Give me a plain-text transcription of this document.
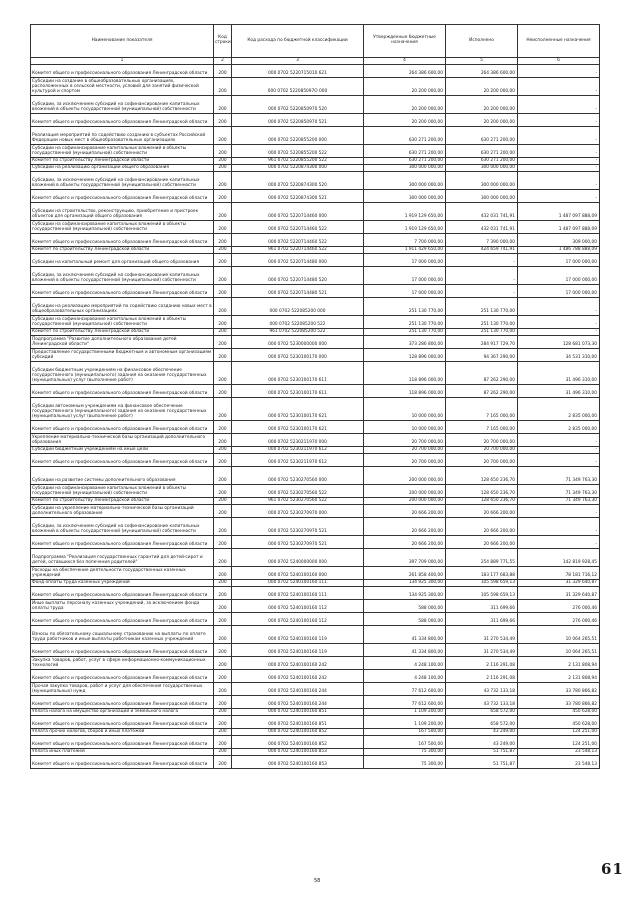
Наименование показателя	Код строки	Код расхода по бюджетной классификации	Утвержденные бюджетные назначения	Исполнено	Неисполненные назначения
1	2	3	4	5	6
Комитет общего и профессионального образования Ленинградской области	200	000 0702 5220715010 621	264 386 600,00	264 386 600,00	-
Субсидии на создание в общеобразовательных организациях, расположенных в сельской местности, условий для занятий физической культурой и спортом	200	000 0702 522085097О 000	20 200 000,00	20 200 000,00	-
Субсидии, за исключением субсидий на софинансирование капитальных вложений в объекты государственной (муниципальной) собственности	200	000 0702 5220850970 520	20 200 000,00	20 200 000,00	-
Комитет общего и профессионального образования Ленинградской области	200	000 0702 5220850970 521	20 200 000,00	20 200 000,00	-
Реализация мероприятий по содействию созданию в субъектах Российской Федерации новых мест в общеобразовательных организациях	200	000 0702 5220855200 000	630 271 200,00	630 271 200,00	-
Субсидии на софинансирование капитальных вложений в объекты государственной (муниципальной) собственности	200	000 0702 5220855200 522	630 271 200,00	630 271 200,00	-
Комитет по строительству Ленинградской области	200	961 0702 5220855200 522	630 271 200,00	630 271 200,00	-
Субсидии на реализацию организации общего образования	200	000 0702 5220874300 000	300 000 000,00	300 000 000,00	-
Субсидии, за исключением субсидий на софинансирование капитальных вложений в объекты государственной (муниципальной) собственности	200	000 0702 5220874300 520	300 000 000,00	300 000 000,00	-
Комитет общего и профессионального образования Ленинградской области	200	000 0702 5220874300 521	300 000 000,00	300 000 000,00	-
Субсидии на строительство, реконструкцию, приобретение и пристроек объектов для организаций общего образования	200	000 0702 5220714460 000	1 919 129 650,00	432 031 741,91	1 487 097 888,09
Субсидии на софинансирование капитальных вложений в объекты государственной (муниципальной) собственности	200	000 0702 5220714460 522	1 919 129 650,00	432 031 741,91	1 487 097 888,09
Комитет общего и профессионального образования Ленинградской области	200	000 0702 5220714460 522	7 700 000,00	7 390 000,00	309 000,00
Комитет по строительству Ленинградской области	200	961 0702 5220714460 522	1 911 429 650,00	424 659 741,91	1 486 788 888,09
Субсидии на капитальный ремонт для организаций общего образования	200	000 0702 5220714480 000	17 000 000,00	-	17 000 000,00
Субсидии, за исключением субсидий на софинансирование капитальных вложений в объекты государственной (муниципальной) собственности	200	000 0702 5220714480 520	17 000 000,00	-	17 000 000,00
Комитет общего и профессионального образования Ленинградской области	200	000 0702 5220714480 521	17 000 000,00	-	17 000 000,00
Субсидии на реализацию мероприятий по содействию созданию новых мест в общеобразовательных организациях	200	000 0702 522085200 000	251 130 770,00	251 130 770,00	-
Субсидии на софинансирование капитальных вложений в объекты государственной (муниципальной) собственности	200	000 0702 522085200 522	251 130 770,00	251 130 770,00	-
Комитет по строительству Ленинградской области	200	961 0702 522085200 522	251 130 770,00	251 130 770,00	-
Подпрограмма "Развитие дополнительного образования детей Ленинградской области"	200	000 0702 5230000000 000	373 286 800,00	284 917 729,70	128 681 073,30
Предоставление государственными бюджетным и автономным организациям субсидий	200	000 0702 5230100170 000	128 896 000,00	94 367 290,00	34 531 310,00
Субсидии бюджетным учреждениям на финансовое обеспечение государственного (муниципального) задания на оказание государственных (муниципальных) услуг (выполнение работ)	200	000 0702 5230100170 611	118 896 000,00	87 262 290,00	31 496 310,00
Комитет общего и профессионального образования Ленинградской области	200	000 0702 5230100170 611	118 896 000,00	87 262 290,00	31 496 310,00
Субсидии автономным учреждениям на финансовое обеспечение государственного (муниципального) задания на оказание государственных (муниципальных) услуг (выполнение работ)	200	000 0702 5230100170 621	10 000 000,00	7 165 000,00	2 835 000,00
Комитет общего и профессионального образования Ленинградской области	200	000 0702 5230100170 621	10 000 000,00	7 165 000,00	2 835 000,00
Укрепление материально-технической базы организаций дополнительного образования	200	000 0702 5230211970 000	20 700 000,00	20 700 000,00	-
Субсидии бюджетным учреждениям на иные цели	200	000 0702 5230211970 612	20 700 000,00	20 700 000,00	-
Комитет общего и профессионального образования Ленинградской области	200	000 0702 5230211970 612	20 700 000,00	20 700 000,00	-
Субсидии на развитие системы дополнительного образования	200	000 0702 5230270560 000	200 000 000,00	128 650 236,70	71 349 763,30
Субсидии на софинансирование капитальных вложений в объекты государственной (муниципальной) собственности	200	000 0702 5230270560 522	200 000 000,00	128 650 236,70	71 349 763,30
Комитет по строительству Ленинградской области	200	961 0702 5230270560 522	200 000 000,00	128 650 236,70	71 349 763,30
Субсидии на укрепление материально-технической базы организаций дополнительного образования	200	000 0702 5230270970 000	20 666 200,00	20 666 200,00	-
Субсидии, за исключением субсидий на софинансирование капитальных вложений в объекты государственной (муниципальной) собственности	200	000 0702 5230270970 521	20 666 200,00	20 666 200,00	-
Комитет общего и профессионального образования Ленинградской области	200	000 0702 5230270970 521	20 666 200,00	20 666 200,00	-
Подпрограмма "Реализация государственных гарантий для детей-сирот и детей, оставшихся без попечения родителей"	200	000 0702 5240000000 000	397 709 000,00	254 889 771,55	142 819 928,45
Расходы на обеспечение деятельности государственных казенных учреждений	200	000 0702 5240100160 000	261 858 400,00	183 177 683,88	78 181 716,12
Фонд оплаты труда казенных учреждений	200	000 0702 5240100160 111	134 925 300,00	105 598 659,13	31 329 640,87
Комитет общего и профессионального образования Ленинградской области	200	000 0702 5240100160 111	134 925 300,00	105 598 659,13	31 329 640,87
Иные выплаты персоналу казенных учреждений, за исключением фонда оплаты труда	200	000 0702 5240100160 112	588 000,00	311 699,66	276 000,46
Комитет общего и профессионального образования Ленинградской области	200	000 0702 5240100160 112	588 000,00	311 699,66	276 000,46
Взносы по обязательному социальному страхованию на выплаты по оплате труда работников и иные выплаты работникам казенных учреждений	200	000 0702 5240100160 119	41 334 800,00	31 270 534,49	10 064 265,51
Комитет общего и профессионального образования Ленинградской области	200	000 0702 5240100160 119	41 334 800,00	31 270 534,49	10 064 265,51
Закупка товаров, работ, услуг в сфере информационно-коммуникационных технологий	200	000 0702 5240100160 242	4 248 100,00	2 116 291,08	2 131 808,94
Комитет общего и профессионального образования Ленинградской области	200	000 0702 5240100160 242	4 248 100,00	2 116 291,08	2 131 808,94
Прочая закупка товаров, работ и услуг для обеспечения государственных (муниципальных) нужд	200	000 0702 5240100160 244	77 612 600,00	43 732 133,18	33 780 866,82
Комитет общего и профессионального образования Ленинградской области	200	000 0702 5240100160 244	77 612 600,00	43 732 133,18	33 780 866,82
Уплата налога на имущество организаций и земельного налога	200	000 0702 5240100160 851	1 109 200,00	658 572,00	450 628,00
Комитет общего и профессионального образования Ленинградской области	200	000 0702 5240100160 851	1 109 200,00	658 572,00	450 628,00
Уплата прочих налогов, сборов и иных платежей	200	000 0702 5240100160 852	167 500,00	43 249,00	124 251,00
Комитет общего и профессионального образования Ленинградской области	200	000 0702 5240100160 852	167 500,00	43 249,00	124 251,00
Уплата иных платежей	200	000 0702 5240100160 853	75 300,00	51 751,87	23 548,13
Комитет общего и профессионального образования Ленинградской области	200	000 0702 5240100160 853	75 300,00	51 751,87	23 548,13
58
61
